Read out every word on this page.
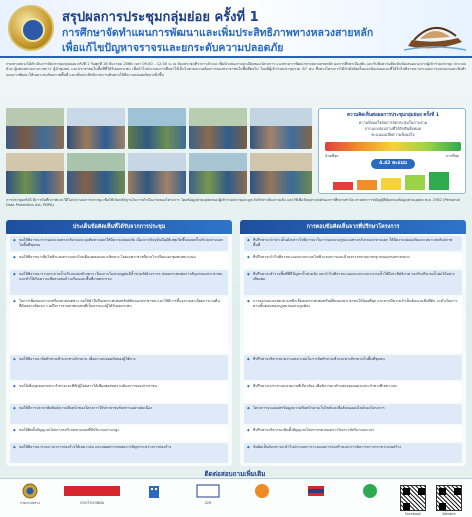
สรุปผลการประชุมกลุ่มย่อย ครั้งที่ 1
การศึกษาจัดทำแผนการพัฒนาและเพิ่มประสิทธิภาพทางหลวงสายหลัก
เพื่อแก้ไขปัญหาจราจรและยกระดับความปลอดภัย
กรมทางหลวงได้ดำเนินการจัดประชุมกลุ่มย่อย ครั้งที่ 1 วันพุธที่ 18 ธันวาคม 2566 เวลา 09.00 – 12.00 น. ณ ห้องประชุมที่ว่าการอำเภอ เพื่อนำเสนอรายละเอียดของโครงการ แนวทางการพัฒนาทางหลวงสายหลัก ผลการศึกษาเบื้องต้น และรับฟังความคิดเห็นข้อเสนอแนะจากผู้เข้าร่วมประชุม ประกอบด้วย ผู้แทนหน่วยงานราชการ ผู้นำชุมชน และประชาชนในพื้นที่ที่ได้รับผลกระทบ เพื่อนำไปประกอบการศึกษาให้เป็นไปตามความต้องการของประชาชนในพื้นที่ต่อไป โดยมีผู้เข้าร่วมประชุมรวม 87 คน ซึ่งทางโครงการได้นำข้อคิดเห็นและข้อเสนอแนะที่ได้รับไปพิจารณาประกอบการออกแบบและจัดทำแผนการพัฒนาให้เหมาะสมกับสภาพพื้นที่ และเพิ่มประสิทธิภาพการเดินทางให้มีความปลอดภัยมากยิ่งขึ้น
ความคิดเห็นต่อผลการประชุมกลุ่มย่อย ครั้งที่ 1
ความพึงพอใจต่อการจัดประชุมในภาพรวม
จากแบบสอบถามที่ได้รับคืนทั้งหมด
คะแนนเฉลี่ยความพึงพอใจ
น้อยที่สุด	มากที่สุด
4.42 คะแนน
การประชุมครั้งนี้ มีการบันทึกภาพและวิดีโอประกอบการประชุม เพื่อใช้เป็นหลักฐานในการดำเนินงานของโครงการ โดยข้อมูลส่วนบุคคลของผู้เข้าร่วมประชุมจะถูกเก็บรักษาเป็นความลับ และใช้เพื่อวัตถุประสงค์ของการศึกษาเท่านั้น ตามพระราชบัญญัติคุ้มครองข้อมูลส่วนบุคคล พ.ศ. 2562 (Personal Data Protection Act, PDPA)
ประเด็นข้อคิดเห็นที่ได้รับจากการประชุม
◆ ขอให้พิจารณาการออกแบบทางกลับรถและจุดตัดทางแยกให้มีความปลอดภัย เนื่องจากปัจจุบันมีอุบัติเหตุเกิดขึ้นบ่อยครั้งบริเวณทางแยกในพื้นที่ชุมชน
◆ ขอให้พิจารณาเพิ่มไฟฟ้าแสงสว่างและป้ายเตือนตลอดแนวเส้นทาง โดยเฉพาะช่วงที่ผ่านโรงเรียนและชุมชนหนาแน่น
◆ ขอให้พิจารณาระบบระบายน้ำบริเวณสองข้างทาง เนื่องจากในช่วงฤดูฝนมีน้ำท่วมขังผิวจราจร ส่งผลกระทบต่อการสัญจรของประชาชน และทำให้เกิดความเสียหายต่อบ้านเรือนและพื้นที่เกษตรกรรม
◆ ในการเพิ่มช่องจราจรหรือขยายเขตทาง ขอให้คำนึงถึงผลกระทบต่อทรัพย์สินของประชาชน และให้มีการชี้แจงรายละเอียดการเวนคืนที่ดินอย่างชัดเจน รวมถึงการจ่ายค่าทดแทนที่เป็นธรรมแก่ผู้ได้รับผลกระทบ
◆ ขอให้พิจารณาจัดทำทางเท้าและทางจักรยาน เพื่อความปลอดภัยของผู้ใช้ทาง
◆ ขอให้เพิ่มจุดจอดรถประจำทางและที่พักผู้โดยสารให้เพียงพอต่อความต้องการของประชาชน
◆ ขอให้มีการประชาสัมพันธ์ความคืบหน้าของโครงการให้ประชาชนรับทราบอย่างต่อเนื่อง
◆ ขอให้ติดตั้งสัญญาณไฟจราจรบริเวณทางแยกที่มีปริมาณจราจรสูง
◆ ขอให้พิจารณาระยะเวลาการก่อสร้างให้เหมาะสม และลดผลกระทบต่อการสัญจรระหว่างการก่อสร้าง
การตอบข้อคิดเห็นจากที่ปรึกษาโครงการ
◆ ที่ปรึกษาจะนำประเด็นดังกล่าวไปพิจารณาในการออกแบบรูปแบบทางกลับรถและทางแยก ให้มีความปลอดภัยและเหมาะสมกับสภาพพื้นที่
◆ ที่ปรึกษาจะนำไปพิจารณาออกแบบระบบไฟฟ้าแสงสว่างและป้ายจราจรตามมาตรฐานของกรมทางหลวง
◆ ที่ปรึกษาจะสำรวจพื้นที่ที่มีปัญหาน้ำท่วมขัง และนำไปพิจารณาออกแบบระบบระบายน้ำให้มีประสิทธิภาพ รองรับปริมาณน้ำฝนได้อย่างเพียงพอ
◆ การออกแบบจะพยายามหลีกเลี่ยงผลกระทบต่อทรัพย์สินของประชาชนให้น้อยที่สุด และหากมีความจำเป็นต้องเวนคืนที่ดิน จะดำเนินการตามขั้นตอนของกฎหมายอย่างถูกต้อง
◆ ที่ปรึกษาจะพิจารณาความเหมาะสมในการจัดทำทางเท้าและทางจักรยานในพื้นที่ชุมชน
◆ ที่ปรึกษาจะประสานหน่วยงานที่เกี่ยวข้อง เพื่อพิจารณาตำแหน่งจุดจอดรถประจำทางที่เหมาะสม
◆ โครงการจะเผยแพร่ข้อมูลความคืบหน้าผ่านเว็บไซต์และสื่อสังคมออนไลน์ของโครงการ
◆ ที่ปรึกษาจะพิจารณาติดตั้งสัญญาณไฟจราจรตามผลการวิเคราะห์ปริมาณจราจร
◆ ข้อคิดเห็นดังกล่าวจะนำไปประกอบการวางแผนการก่อสร้างและการจัดการจราจรระหว่างก่อสร้าง
ติดต่อสอบถามเพิ่มเติม
กรมทางหลวง	CHOTICHINDA	S2R
Facebook	Website
